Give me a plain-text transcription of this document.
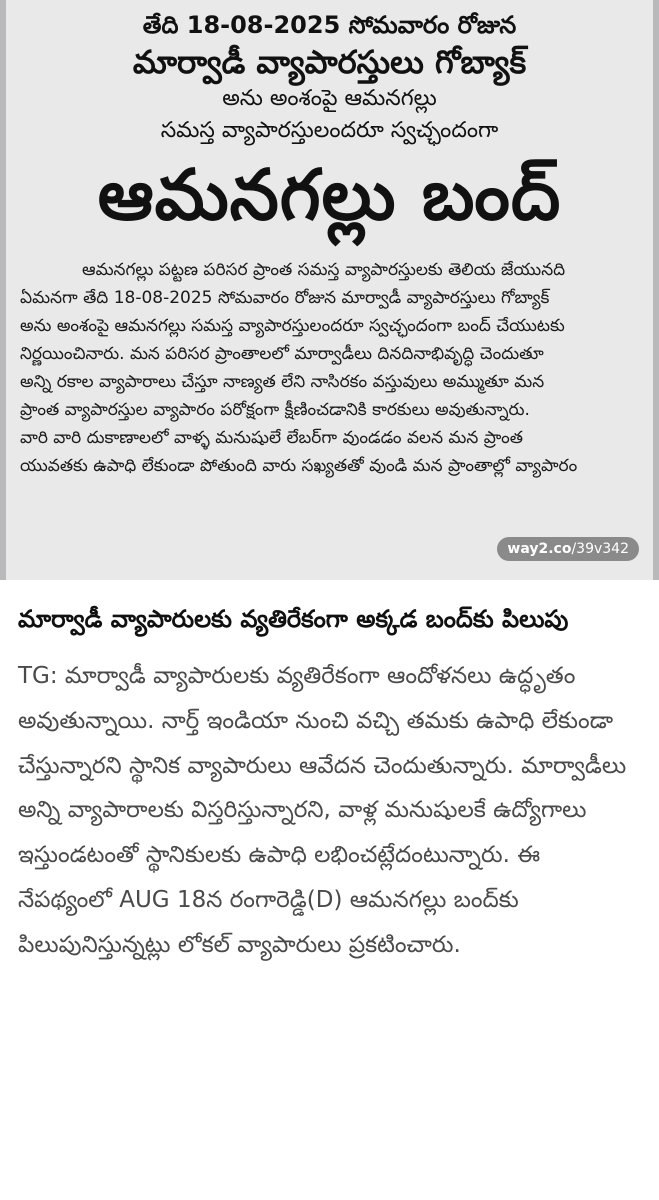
తేది 18-08-2025 సోమవారం రోజున
మార్వాడీ వ్యాపారస్తులు గోబ్యాక్
అను అంశంపై ఆమనగల్లు
సమస్త వ్యాపారస్తులందరూ స్వచ్ఛందంగా
ఆమనగల్లు బంద్
ఆమనగల్లు పట్టణ పరిసర ప్రాంత సమస్త వ్యాపారస్తులకు తెలియ జేయునది
ఏమనగా తేది 18-08-2025 సోమవారం రోజున మార్వాడీ వ్యాపారస్తులు గోబ్యాక్
అను అంశంపై ఆమనగల్లు సమస్త వ్యాపారస్తులందరూ స్వచ్ఛందంగా బంద్ చేయుటకు
నిర్ణయించినారు. మన పరిసర ప్రాంతాలలో మార్వాడీలు దినదినాభివృద్ధి చెందుతూ
అన్ని రకాల వ్యాపారాలు చేస్తూ నాణ్యత లేని నాసిరకం వస్తువులు అమ్ముతూ మన
ప్రాంత వ్యాపారస్తుల వ్యాపారం పరోక్షంగా క్షీణించడానికి కారకులు అవుతున్నారు.
వారి వారి దుకాణాలలో వాళ్ళ మనుషులే లేబర్‌గా వుండడం వలన మన ప్రాంత
యువతకు ఉపాధి లేకుండా పోతుంది వారు సఖ్యతతో వుండి మన ప్రాంతాల్లో వ్యాపారం
way2.co/39v342
మార్వాడీ వ్యాపారులకు వ్యతిరేకంగా అక్కడ బంద్‌కు పిలుపు

TG: మార్వాడీ వ్యాపారులకు వ్యతిరేకంగా ఆందోళనలు ఉద్ధృతం అవుతున్నాయి. నార్త్ ఇండియా నుంచి వచ్చి తమకు ఉపాధి లేకుండా చేస్తున్నారని స్థానిక వ్యాపారులు ఆవేదన చెందుతున్నారు. మార్వాడీలు అన్ని వ్యాపారాలకు విస్తరిస్తున్నారని, వాళ్ల మనుషులకే ఉద్యోగాలు ఇస్తుండటంతో స్థానికులకు ఉపాధి లభించట్లేదంటున్నారు. ఈ నేపథ్యంలో AUG 18న రంగారెడ్డి(D) ఆమనగల్లు బంద్‌కు పిలుపునిస్తున్నట్లు లోకల్ వ్యాపారులు ప్రకటించారు.
